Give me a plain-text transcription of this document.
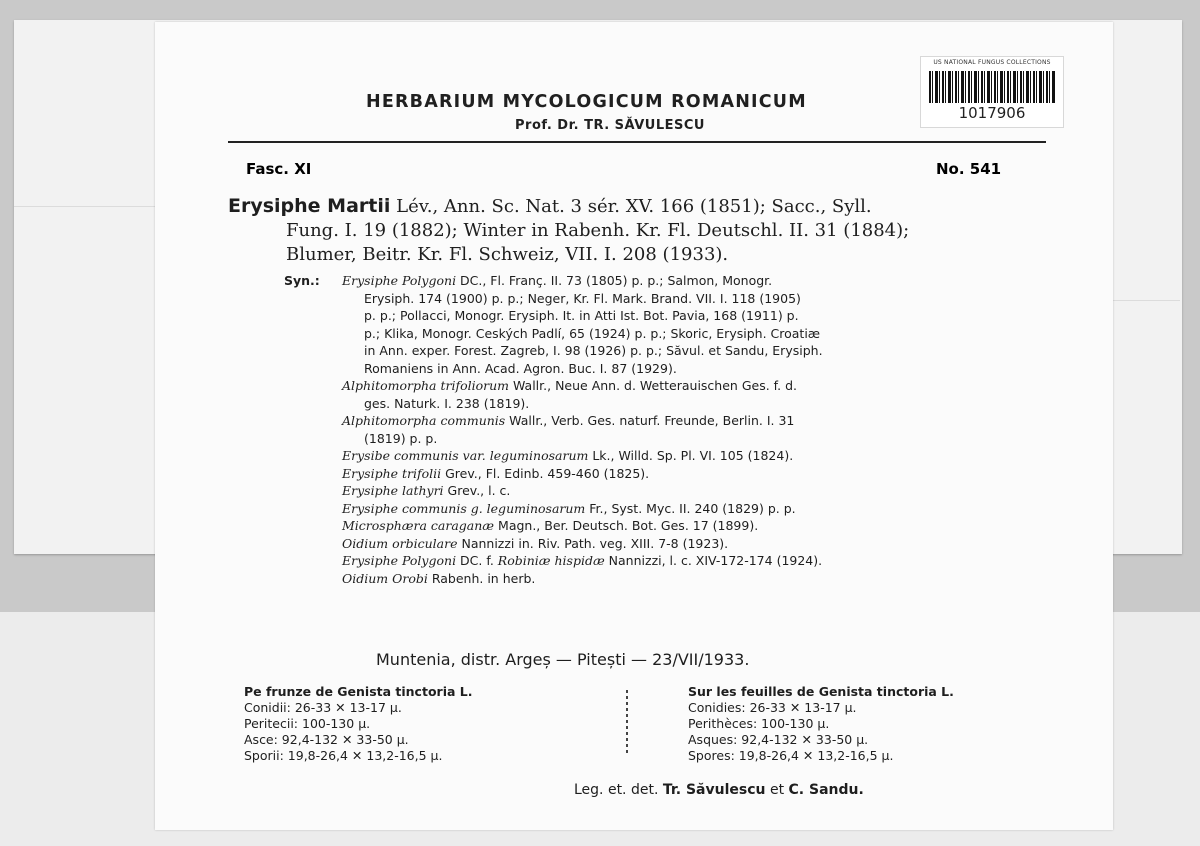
US NATIONAL FUNGUS COLLECTIONS
1017906
HERBARIUM MYCOLOGICUM ROMANICUM
Prof. Dr. TR. SĂVULESCU
Fasc. XI	No. 541
Erysiphe Martii Lév., Ann. Sc. Nat. 3 sér. XV. 166 (1851); Sacc., Syll.
Fung. I. 19 (1882); Winter in Rabenh. Kr. Fl. Deutschl. II. 31 (1884);
Blumer, Beitr. Kr. Fl. Schweiz, VII. I. 208 (1933).
Syn.: Erysiphe Polygoni DC., Fl. Franç. II. 73 (1805) p. p.; Salmon, Monogr.
Erysiph. 174 (1900) p. p.; Neger, Kr. Fl. Mark. Brand. VII. I. 118 (1905)
p. p.; Pollacci, Monogr. Erysiph. It. in Atti Ist. Bot. Pavia, 168 (1911) p.
p.; Klika, Monogr. Ceských Padlí, 65 (1924) p. p.; Skoric, Erysiph. Croatiæ
in Ann. exper. Forest. Zagreb, I. 98 (1926) p. p.; Săvul. et Sandu, Erysiph.
Romaniens in Ann. Acad. Agron. Buc. I. 87 (1929).
Alphitomorpha trifoliorum Wallr., Neue Ann. d. Wetterauischen Ges. f. d.
ges. Naturk. I. 238 (1819).
Alphitomorpha communis Wallr., Verb. Ges. naturf. Freunde, Berlin. I. 31
(1819) p. p.
Erysibe communis var. leguminosarum Lk., Willd. Sp. Pl. VI. 105 (1824).
Erysiphe trifolii Grev., Fl. Edinb. 459-460 (1825).
Erysiphe lathyri Grev., l. c.
Erysiphe communis g. leguminosarum Fr., Syst. Myc. II. 240 (1829) p. p.
Microsphæra caraganæ Magn., Ber. Deutsch. Bot. Ges. 17 (1899).
Oidium orbiculare Nannizzi in. Riv. Path. veg. XIII. 7-8 (1923).
Erysiphe Polygoni DC. f. Robiniæ hispidæ Nannizzi, l. c. XIV-172-174 (1924).
Oidium Orobi Rabenh. in herb.
Muntenia, distr. Argeș — Pitești — 23/VII/1933.
Pe frunze de Genista tinctoria L.
Conidii: 26-33 ✕ 13-17 μ.
Peritecii: 100-130 μ.
Asce: 92,4-132 ✕ 33-50 μ.
Sporii: 19,8-26,4 ✕ 13,2-16,5 μ.
Sur les feuilles de Genista tinctoria L.
Conidies: 26-33 ✕ 13-17 μ.
Perithèces: 100-130 μ.
Asques: 92,4-132 ✕ 33-50 μ.
Spores: 19,8-26,4 ✕ 13,2-16,5 μ.
Leg. et. det. Tr. Săvulescu et C. Sandu.
